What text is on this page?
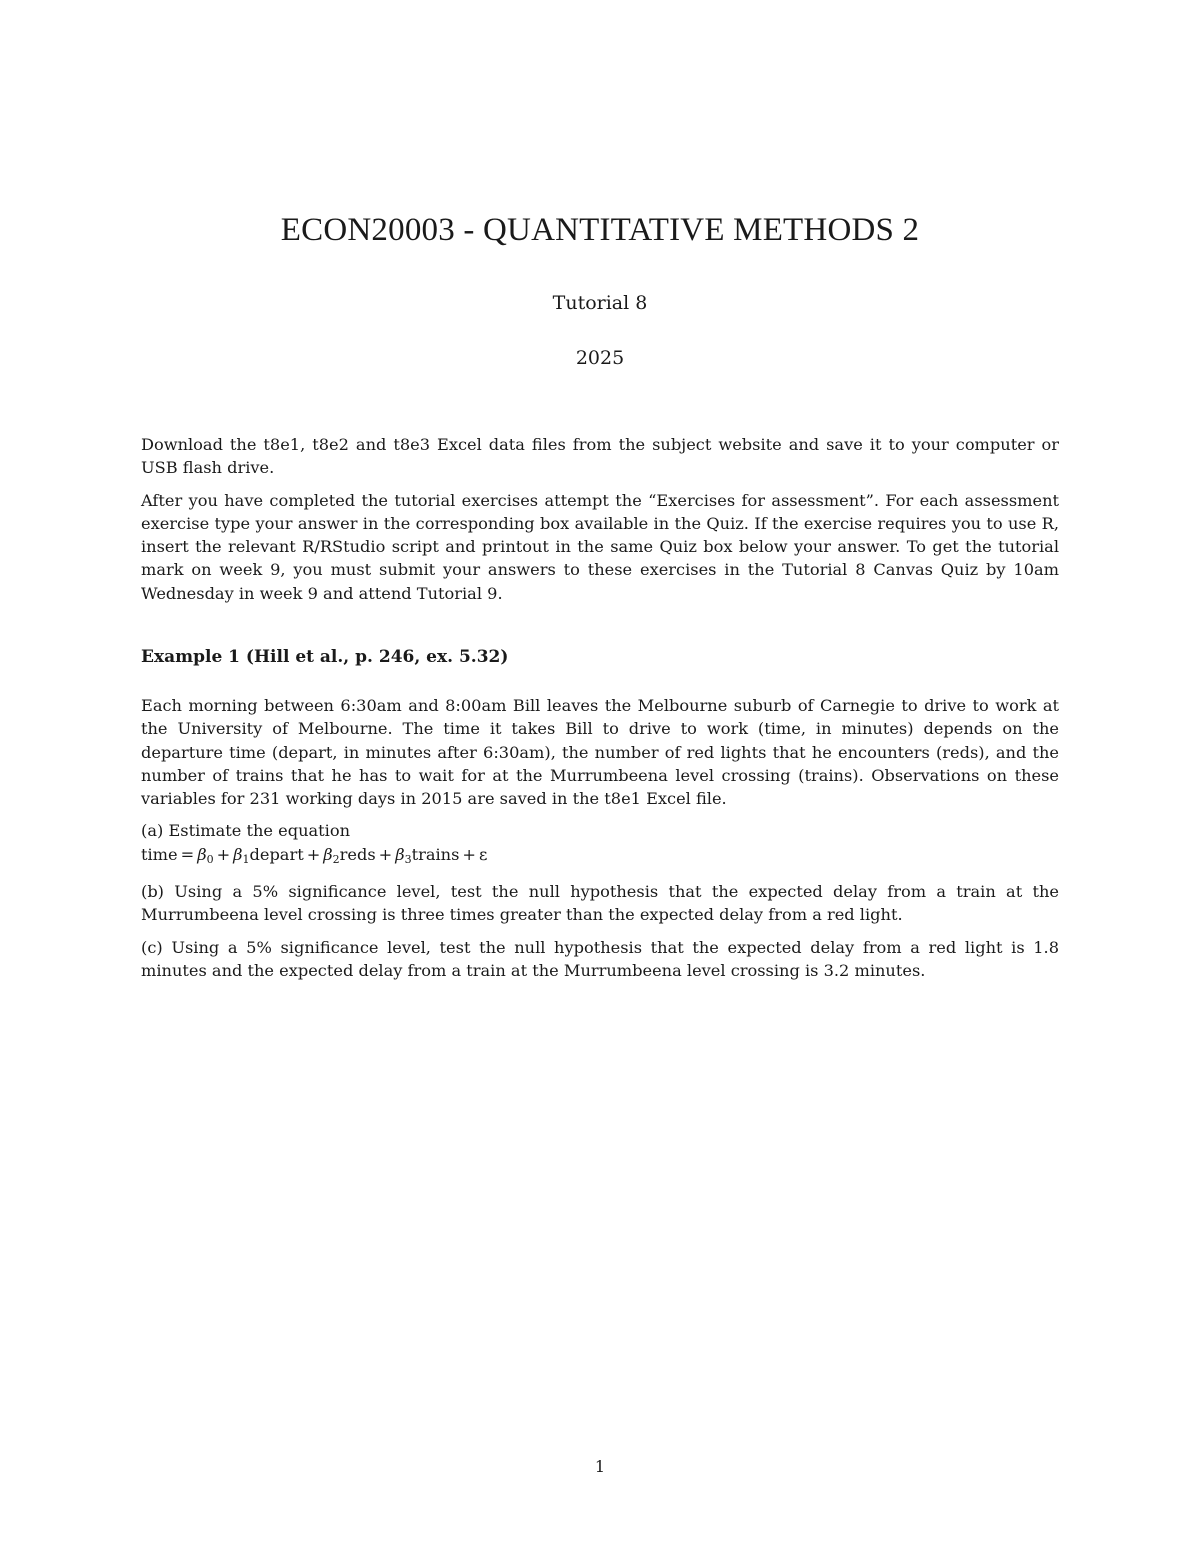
ECON20003 - QUANTITATIVE METHODS 2
Tutorial 8
2025

Download the t8e1, t8e2 and t8e3 Excel data files from the subject website and save it to your computer or USB flash drive.

After you have completed the tutorial exercises attempt the “Exercises for assessment”. For each assessment exercise type your answer in the corresponding box available in the Quiz. If the exercise requires you to use R, insert the relevant R/RStudio script and printout in the same Quiz box below your answer. To get the tutorial mark on week 9, you must submit your answers to these exercises in the Tutorial 8 Canvas Quiz by 10am Wednesday in week 9 and attend Tutorial 9.

Example 1 (Hill et al., p. 246, ex. 5.32)

Each morning between 6:30am and 8:00am Bill leaves the Melbourne suburb of Carnegie to drive to work at the University of Melbourne. The time it takes Bill to drive to work (time, in minutes) depends on the departure time (depart, in minutes after 6:30am), the number of red lights that he encounters (reds), and the number of trains that he has to wait for at the Murrumbeena level crossing (trains). Observations on these variables for 231 working days in 2015 are saved in the t8e1 Excel file.

(a) Estimate the equation
time = $\beta_0$ + $\beta_1depart$ + $\beta_2reds$ + $\beta_3trains + \varepsilon$

(b) Using a 5% significance level, test the null hypothesis that the expected delay from a train at the Murrumbeena level crossing is three times greater than the expected delay from a red light.

(c) Using a 5% significance level, test the null hypothesis that the expected delay from a red light is 1.8 minutes and the expected delay from a train at the Murrumbeena level crossing is 3.2 minutes.

1
